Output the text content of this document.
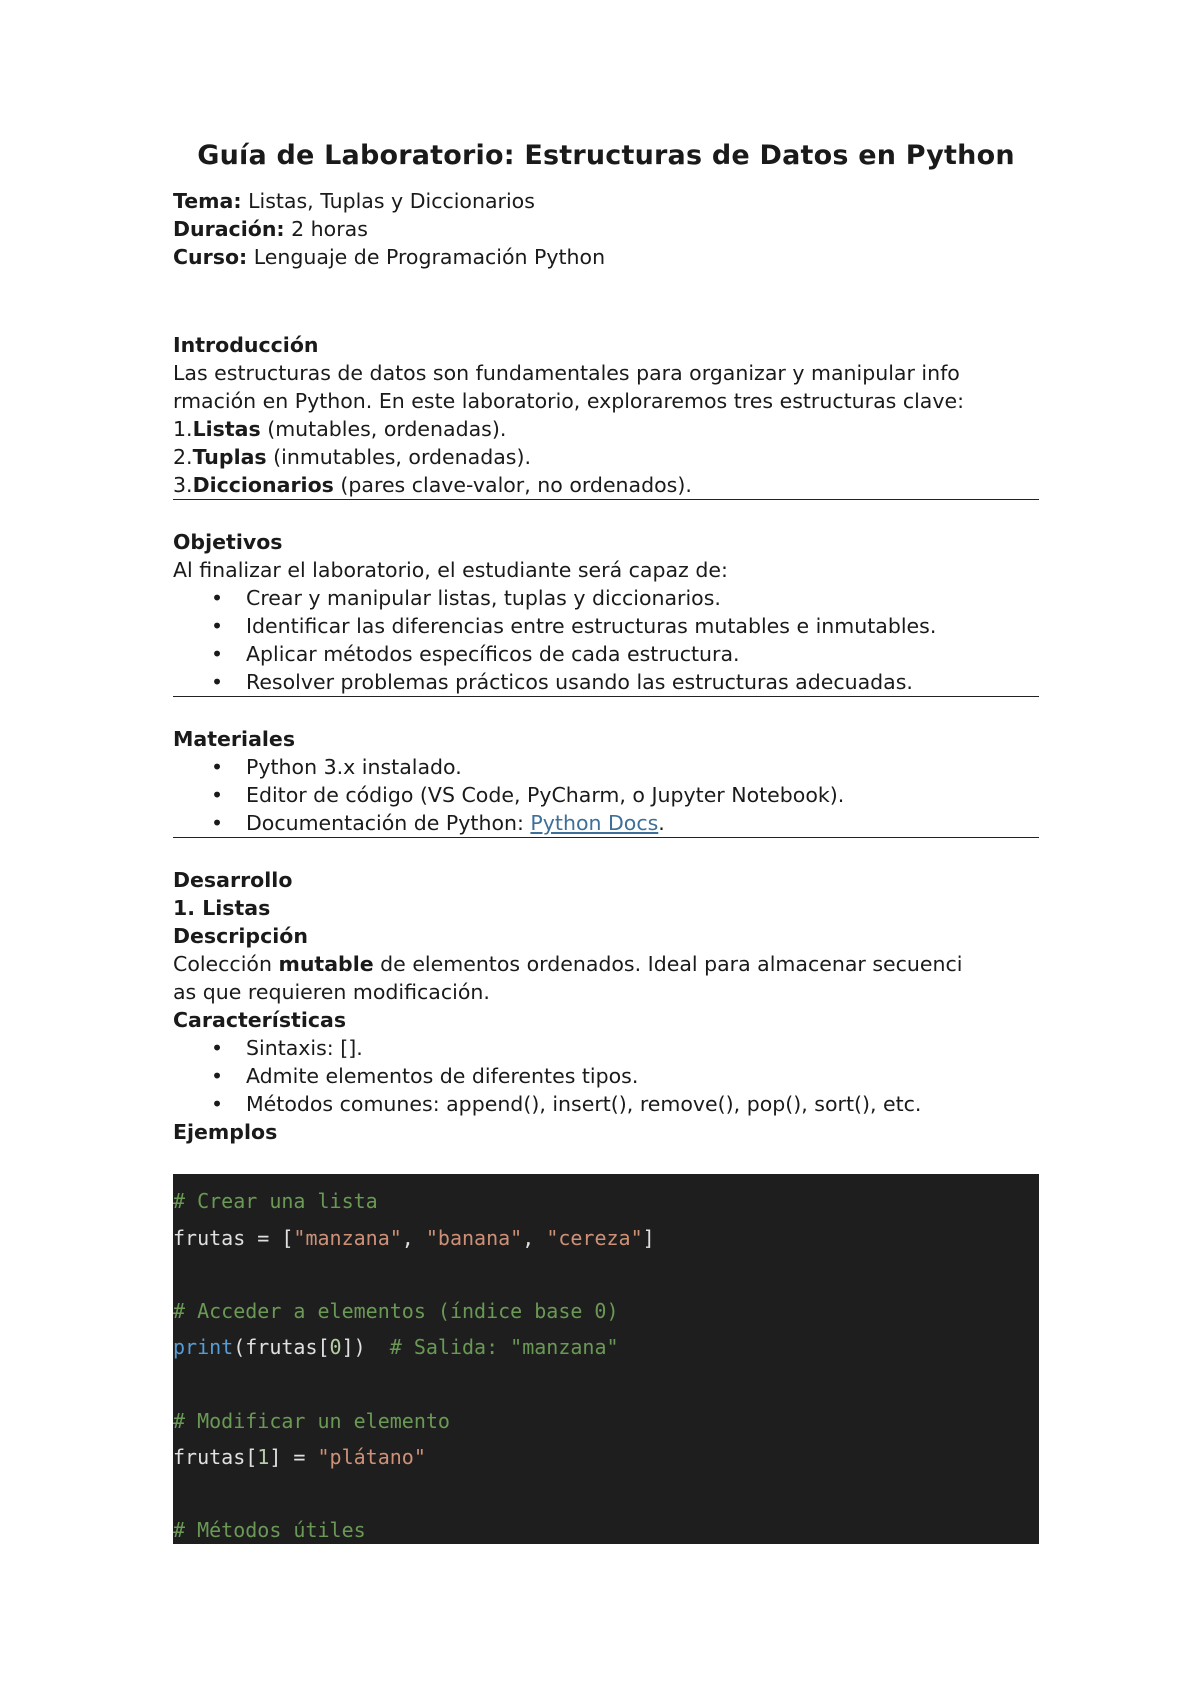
Guía de Laboratorio: Estructuras de Datos en Python

Tema: Listas, Tuplas y Diccionarios

Duración: 2 horas

Curso: Lenguaje de Programación Python

Introducción

Las estructuras de datos son fundamentales para organizar y manipular info

rmación en Python. En este laboratorio, exploraremos tres estructuras clave:

1.Listas (mutables, ordenadas).

2.Tuplas (inmutables, ordenadas).

3.Diccionarios (pares clave-valor, no ordenados).

Objetivos

Al finalizar el laboratorio, el estudiante será capaz de:

• Crear y manipular listas, tuplas y diccionarios.
• Identificar las diferencias entre estructuras mutables e inmutables.
• Aplicar métodos específicos de cada estructura.
• Resolver problemas prácticos usando las estructuras adecuadas.

Materiales

• Python 3.x instalado.
• Editor de código (VS Code, PyCharm, o Jupyter Notebook).
• Documentación de Python: Python Docs.

Desarrollo

1. Listas

Descripción

Colección mutable de elementos ordenados. Ideal para almacenar secuenci

as que requieren modificación.

Características

• Sintaxis: [].
• Admite elementos de diferentes tipos.
• Métodos comunes: append(), insert(), remove(), pop(), sort(), etc.

Ejemplos

# Crear una lista
frutas = ["manzana", "banana", "cereza"]
# Acceder a elementos (índice base 0)
print(frutas[0])  # Salida: "manzana"
# Modificar un elemento
frutas[1] = "plátano"
# Métodos útiles
